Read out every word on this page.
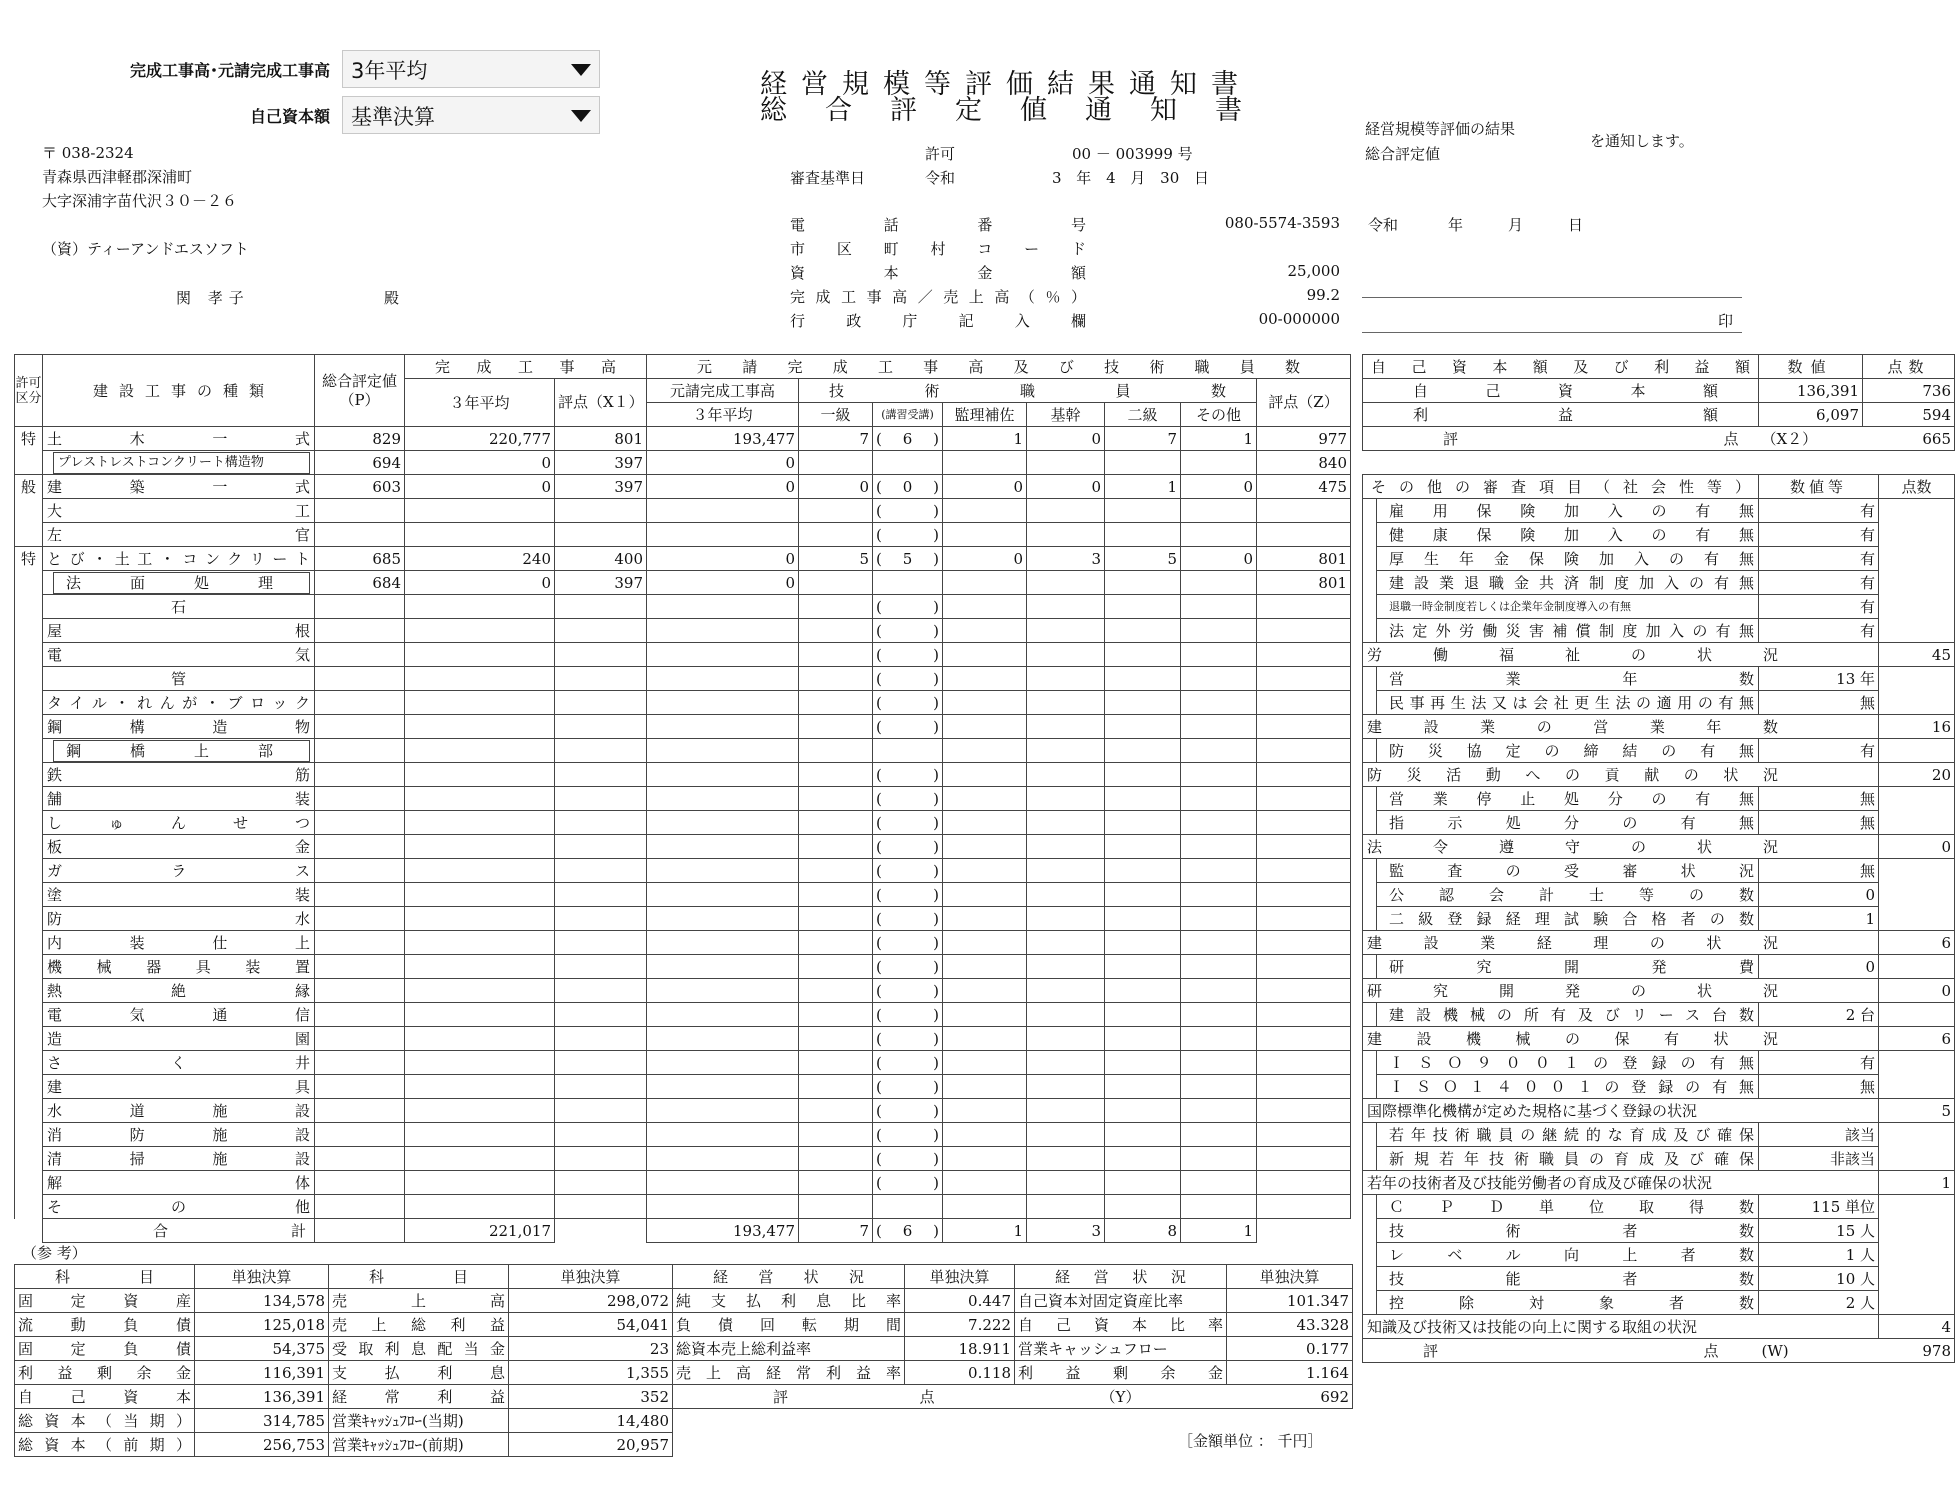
完成工事高･元請完成工事高 3年平均
自己資本額 基準決算
経営規模等評価結果通知書
総合評定値通知書
経営規模等評価の結果
総合評定値
を通知します。
〒 038-2324
青森県西津軽郡深浦町
大字深浦字苗代沢３０－２６
（資）ティーアンドエスソフト
関 孝子	殿
許可	00 － 003999 号
審査基準日	令和	3 年 4 月 30 日
電話番号	080-5574-3593
市区町村コード
資本金額	25,000
完成工事高／売上高（％）	99.2
行政庁記入欄	00-000000
令和	年	月	日
印
許可区分	建設工事の種類	総合評定値（P）	完成工事高		元請完成工事高及び技術職員数							
			３年平均	評点（X１）	元請完成工事高	技術職員数						評点（Z）
					３年平均	一級	(講習受講)	監理補佐	基幹	二級	その他	
特	土木一式	829	220,777	801	193,477	7	( 6 )	1	0	7	1	977

	プレストレストコンクリート構造物	694	0	397	0							840
般	建築一式	603	0	397	0	0	( 0 )	0	0	1	0	475
	大工						( )					

	左官						( )					

特	とび・土工・コンクリート	685	240	400	0	5	( 5 )	0	3	5	0	801

	法面処理	684	0	397	0							801
	石						( )					

	屋根						( )					

	電気						( )					

	管						( )					

	タイル・れんが・ブロック						( )					

	鋼構造物						( )					

	鋼橋上部											

	鉄筋						( )					

	舗装						( )					

	しゅんせつ						( )					

	板金						( )					

	ガラス						( )					

	塗装						( )					

	防水						( )					

	内装仕上						( )					

	機械器具装置						( )					

	熱絶縁						( )					

	電気通信						( )					

	造園						( )					

	さく井						( )					

	建具						( )					

	水道施設						( )					

	消防施設						( )					

	清掃施設						( )					

	解体						( )					

	その他											
	合計		221,017		193,477	7	( 6 )	1	3	8	1	
自己資本額及び利益額	数値	点数
自己資本額	136,391	736
利益額	6,097	594
評点	（X２）	665
その他の審査項目（社会性等）		数値等	点数
	雇用保険加入の有無	有	
	健康保険加入の有無	有	
	厚生年金保険加入の有無	有	
	建設業退職金共済制度加入の有無	有	
	退職一時金制度若しくは企業年金制度導入の有無	有	
	法定外労働災害補償制度加入の有無	有	
労働福祉の状況			45
	営業年数	13 年	
	民事再生法又は会社更生法の適用の有無	無	
建設業の営業年数			16
	防災協定の締結の有無	有	
防災活動への貢献の状況			20
	営業停止処分の有無	無	
	指示処分の有無	無	
法令遵守の状況			0
	監査の受審状況	無	
	公認会計士等の数	0	
	二級登録経理試験合格者の数	1	
建設業経理の状況			6
	研究開発費	0	
研究開発の状況			0
	建設機械の所有及びリース台数	2 台	
建設機械の保有状況			6
	ＩＳＯ９００１の登録の有無	有	
	ＩＳＯ１４００１の登録の有無	無	
国際標準化機構が定めた規格に基づく登録の状況			5
	若年技術職員の継続的な育成及び確保	該当	
	新規若年技術職員の育成及び確保	非該当	
若年の技術者及び技能労働者の育成及び確保の状況			1
	ＣＰＤ単位取得数	115 単位	
	技術者数	15 人	
	レベル向上者数	1 人	
	技能者数	10 人	
	控除対象者数	2 人	
知識及び技術又は技能の向上に関する取組の状況			4
評点		(W)	978
（参 考）
科目	単独決算	科目	単独決算	経営状況	単独決算	経営状況	単独決算
固定資産	134,578	売上高	298,072	純支払利息比率	0.447	自己資本対固定資産比率	101.347
流動負債	125,018	売上総利益	54,041	負債回転期間	7.222	自己資本比率	43.328
固定負債	54,375	受取利息配当金	23	総資本売上総利益率	18.911	営業キャッシュフロー	0.177
利益剰余金	116,391	支払利息	1,355	売上高経常利益率	0.118	利益剰余金	1.164
自己資本	136,391	経常利益	352	評点		（Y）	692
総資本（当期）	314,785	営業ｷｬｯｼｭﾌﾛｰ(当期)	14,480				
総資本（前期）	256,753	営業ｷｬｯｼｭﾌﾛｰ(前期)	20,957					［金額単位 ： 千円］
